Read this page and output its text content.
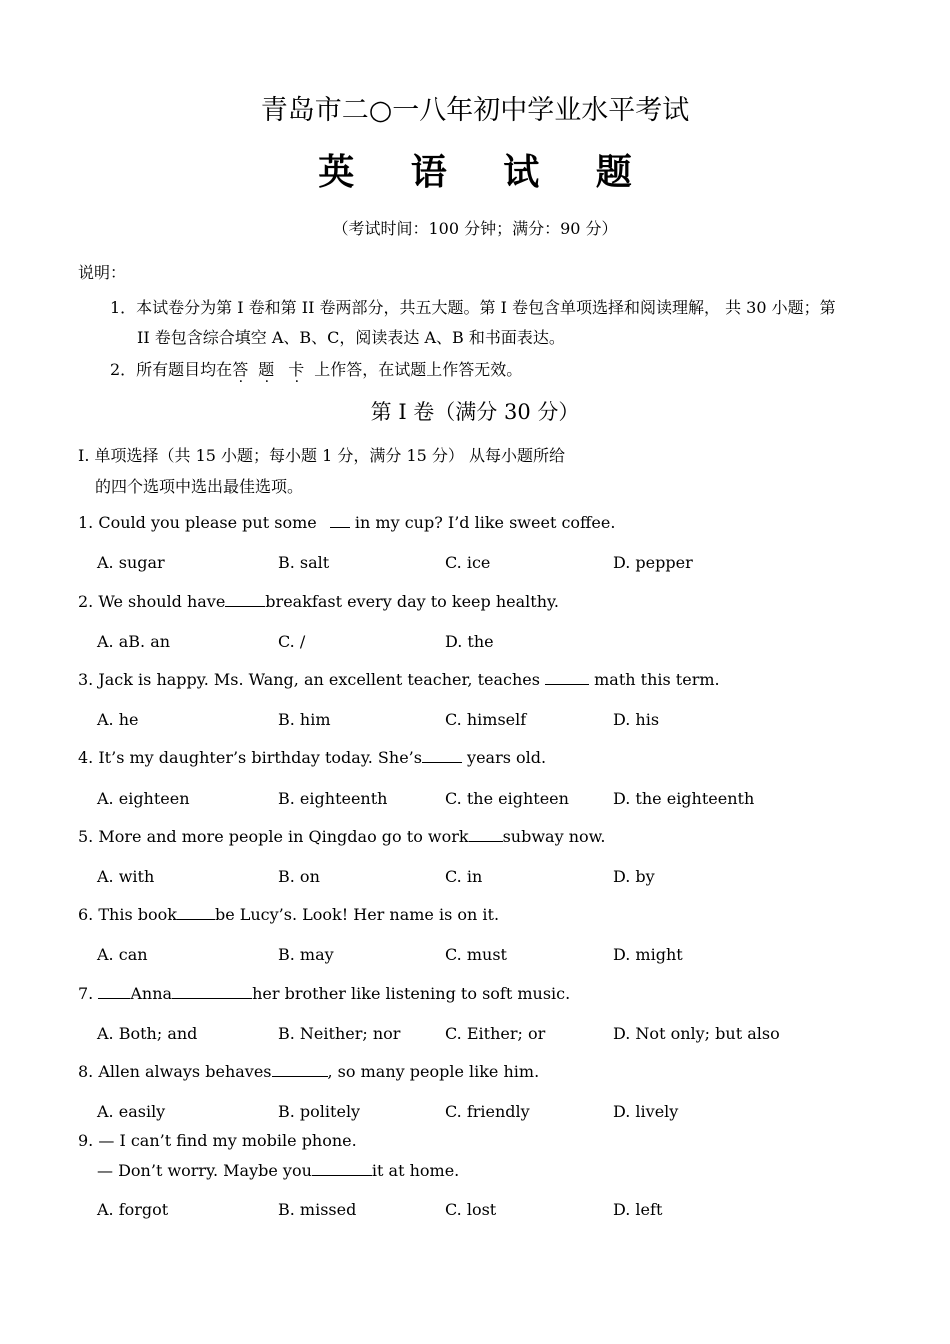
青岛市二○一八年初中学业水平考试
英 语 试 题
（考试时间：100 分钟；满分：90 分）
说明：
1．本试卷分为第 I 卷和第 II 卷两部分，共五大题。第 I 卷包含单项选择和阅读理解， 共 30 小题；第
II 卷包含综合填空 A、B、C，阅读表达 A、B 和书面表达。
2．所有题目均在答 题 卡 上作答，在试题上作答无效。
第 I 卷（满分 30 分）
I. 单项选择（共 15 小题；每小题 1 分，满分 15 分） 从每小题所给
的四个选项中选出最佳选项。
1. Could you please put some  in my cup? I’d like sweet coffee.
A. sugar	B. salt	C. ice	D. pepper
2. We should have	breakfast every day to keep healthy.
A. aB. an	C. /	D. the
3. Jack is happy. Ms. Wang, an excellent teacher, teaches	math this term.
A. he	B. him	C. himself	D. his
4. It’s my daughter’s birthday today. She’s	years old.
A. eighteen	B. eighteenth	C. the eighteen	D. the eighteenth
5. More and more people in Qingdao go to work subway now.
A. with	B. on	C. in	D. by
6. This book be Lucy’s. Look! Her name is on it.
A. can	B. may	C. must	D. might
7. Anna	her brother like listening to soft music.
A. Both; and	B. Neither; nor	C. Either; or	D. Not only; but also
8. Allen always behaves	, so many people like him.
A. easily	B. politely	C. friendly	D. lively
9. — I can’t find my mobile phone.
— Don’t worry. Maybe you	it at home.
A. forgot	B. missed	C. lost	D. left
